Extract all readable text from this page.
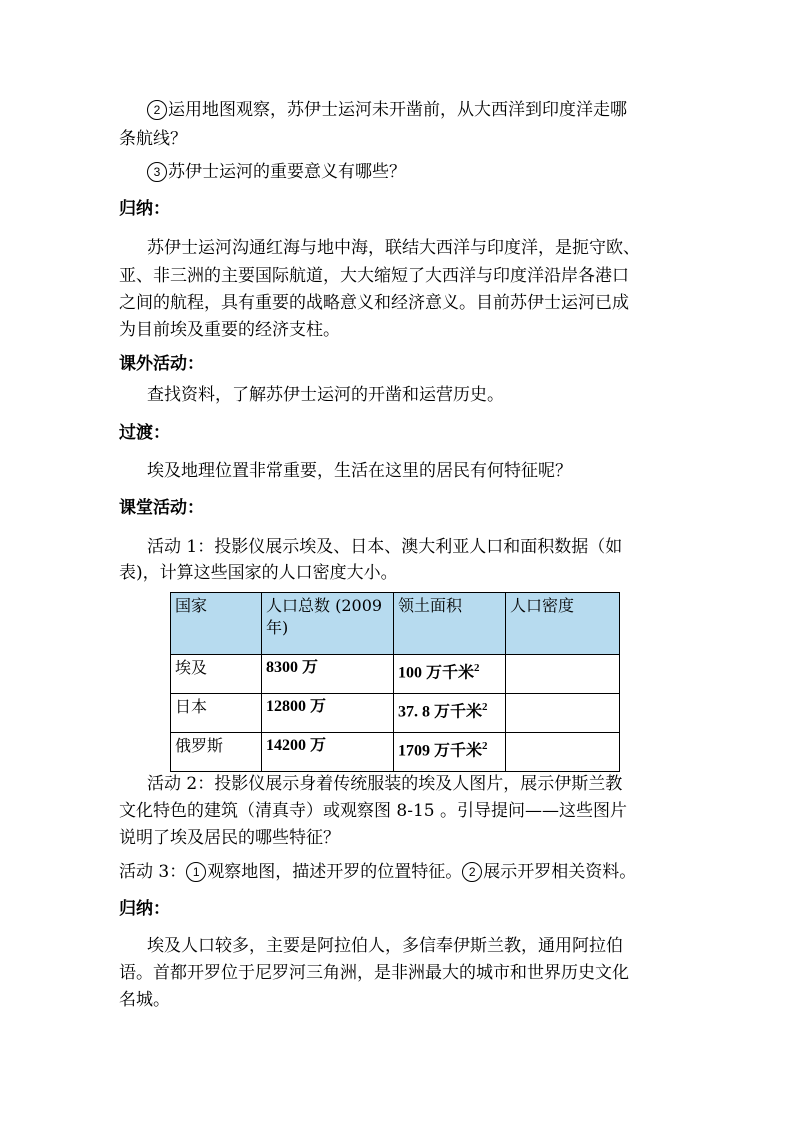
2 运用地图观察，苏伊士运河未开凿前，从大西洋到印度洋走哪
条航线？
3 苏伊士运河的重要意义有哪些？
归纳：
苏伊士运河沟通红海与地中海，联结大西洋与印度洋，是扼守欧、
亚、非三洲的主要国际航道，大大缩短了大西洋与印度洋沿岸各港口
之间的航程，具有重要的战略意义和经济意义。目前苏伊士运河已成
为目前埃及重要的经济支柱。
课外活动：
查找资料，了解苏伊士运河的开凿和运营历史。
过渡：
埃及地理位置非常重要，生活在这里的居民有何特征呢？
课堂活动：
活动 1：投影仪展示埃及、日本、澳大利亚人口和面积数据（如
表)，计算这些国家的人口密度大小。
国家	人口总数 (2009 年)	领土面积	人口密度
埃及	8300 万	100 万千米$^2$	
日本	12800 万	37. 8 万千米$^2$	
俄罗斯	14200 万	1709 万千米$^2$	
活动 2：投影仪展示身着传统服装的埃及人图片，展示伊斯兰教
文化特色的建筑（清真寺）或观察图 8-15 。引导提问——这些图片
说明了埃及居民的哪些特征？
活动 3： 1 观察地图，描述开罗的位置特征。 2 展示开罗相关资料。
归纳：
埃及人口较多，主要是阿拉伯人，多信奉伊斯兰教，通用阿拉伯
语。首都开罗位于尼罗河三角洲，是非洲最大的城市和世界历史文化
名城。
